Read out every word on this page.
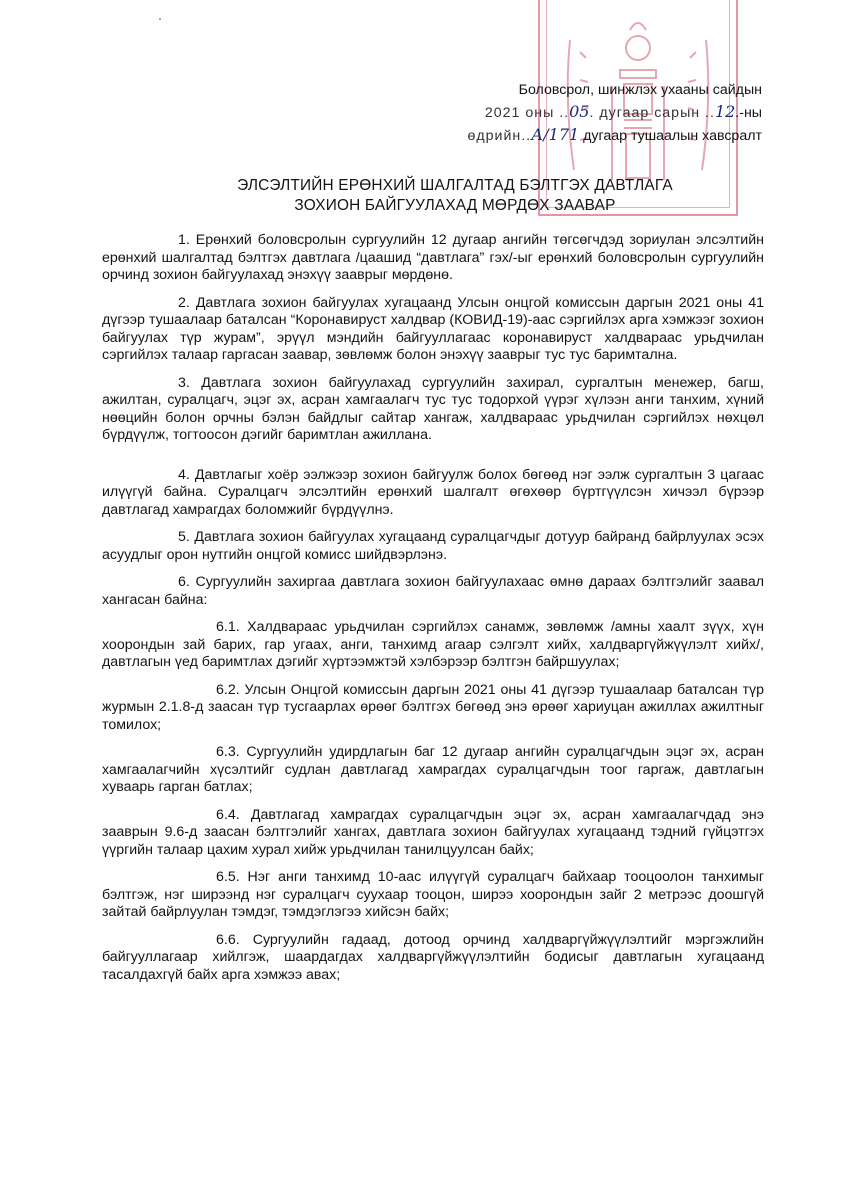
Боловсрол, шинжлэх ухааны сайдын
2021 оны ..05. дугаар сарын ..12.-ны
өдрийн..А/171 дугаар тушаалын хавсралт
ЭЛСЭЛТИЙН ЕРӨНХИЙ ШАЛГАЛТАД БЭЛТГЭХ ДАВТЛАГА
ЗОХИОН БАЙГУУЛАХАД МӨРДӨХ ЗААВАР

1. Ерөнхий боловсролын сургуулийн 12 дугаар ангийн төгсөгчдэд зориулан элсэлтийн ерөнхий шалгалтад бэлтгэх давтлага /цаашид “давтлага” гэх/-ыг ерөнхий боловсролын сургуулийн орчинд зохион байгуулахад энэхүү зааврыг мөрдөнө.

2. Давтлага зохион байгуулах хугацаанд Улсын онцгой комиссын даргын 2021 оны 41 дүгээр тушаалаар баталсан “Коронавируст халдвар (КОВИД-19)-аас сэргийлэх арга хэмжээг зохион байгуулах түр журам”, эрүүл мэндийн байгууллагаас коронавируст халдвараас урьдчилан сэргийлэх талаар гаргасан заавар, зөвлөмж болон энэхүү зааврыг тус тус баримтална.

3. Давтлага зохион байгуулахад сургуулийн захирал, сургалтын менежер, багш, ажилтан, суралцагч, эцэг эх, асран хамгаалагч тус тус тодорхой үүрэг хүлээн анги танхим, хүний нөөцийн болон орчны бэлэн байдлыг сайтар хангаж, халдвараас урьдчилан сэргийлэх нөхцөл бүрдүүлж, тогтоосон дэгийг баримтлан ажиллана.

4. Давтлагыг хоёр ээлжээр зохион байгуулж болох бөгөөд нэг ээлж сургалтын 3 цагаас илүүгүй байна. Суралцагч элсэлтийн ерөнхий шалгалт өгөхөөр бүртгүүлсэн хичээл бүрээр давтлагад хамрагдах боломжийг бүрдүүлнэ.

5. Давтлага зохион байгуулах хугацаанд суралцагчдыг дотуур байранд байрлуулах эсэх асуудлыг орон нутгийн онцгой комисс шийдвэрлэнэ.

6. Сургуулийн захиргаа давтлага зохион байгуулахаас өмнө дараах бэлтгэлийг заавал хангасан байна:

6.1. Халдвараас урьдчилан сэргийлэх санамж, зөвлөмж /амны хаалт зүүх, хүн хоорондын зай барих, гар угаах, анги, танхимд агаар сэлгэлт хийх, халдваргүйжүүлэлт хийх/, давтлагын үед баримтлах дэгийг хүртээмжтэй хэлбэрээр бэлтгэн байршуулах;

6.2. Улсын Онцгой комиссын даргын 2021 оны 41 дүгээр тушаалаар баталсан түр журмын 2.1.8-д заасан түр тусгаарлах өрөөг бэлтгэх бөгөөд энэ өрөөг хариуцан ажиллах ажилтныг томилох;

6.3. Сургуулийн удирдлагын баг 12 дугаар ангийн суралцагчдын эцэг эх, асран хамгаалагчийн хүсэлтийг судлан давтлагад хамрагдах суралцагчдын тоог гаргаж, давтлагын хуваарь гарган батлах;

6.4. Давтлагад хамрагдах суралцагчдын эцэг эх, асран хамгаалагчдад энэ зааврын 9.6-д заасан бэлтгэлийг хангах, давтлага зохион байгуулах хугацаанд тэдний гүйцэтгэх үүргийн талаар цахим хурал хийж урьдчилан танилцуулсан байх;

6.5. Нэг анги танхимд 10-аас илүүгүй суралцагч байхаар тооцоолон танхимыг бэлтгэж, нэг ширээнд нэг суралцагч суухаар тооцон, ширээ хоорондын зайг 2 метрээс доошгүй зайтай байрлуулан тэмдэг, тэмдэглэгээ хийсэн байх;

6.6. Сургуулийн гадаад, дотоод орчинд халдваргүйжүүлэлтийг мэргэжлийн байгууллагаар хийлгэж, шаардагдах халдваргүйжүүлэлтийн бодисыг давтлагын хугацаанд тасалдахгүй байх арга хэмжээ авах;
